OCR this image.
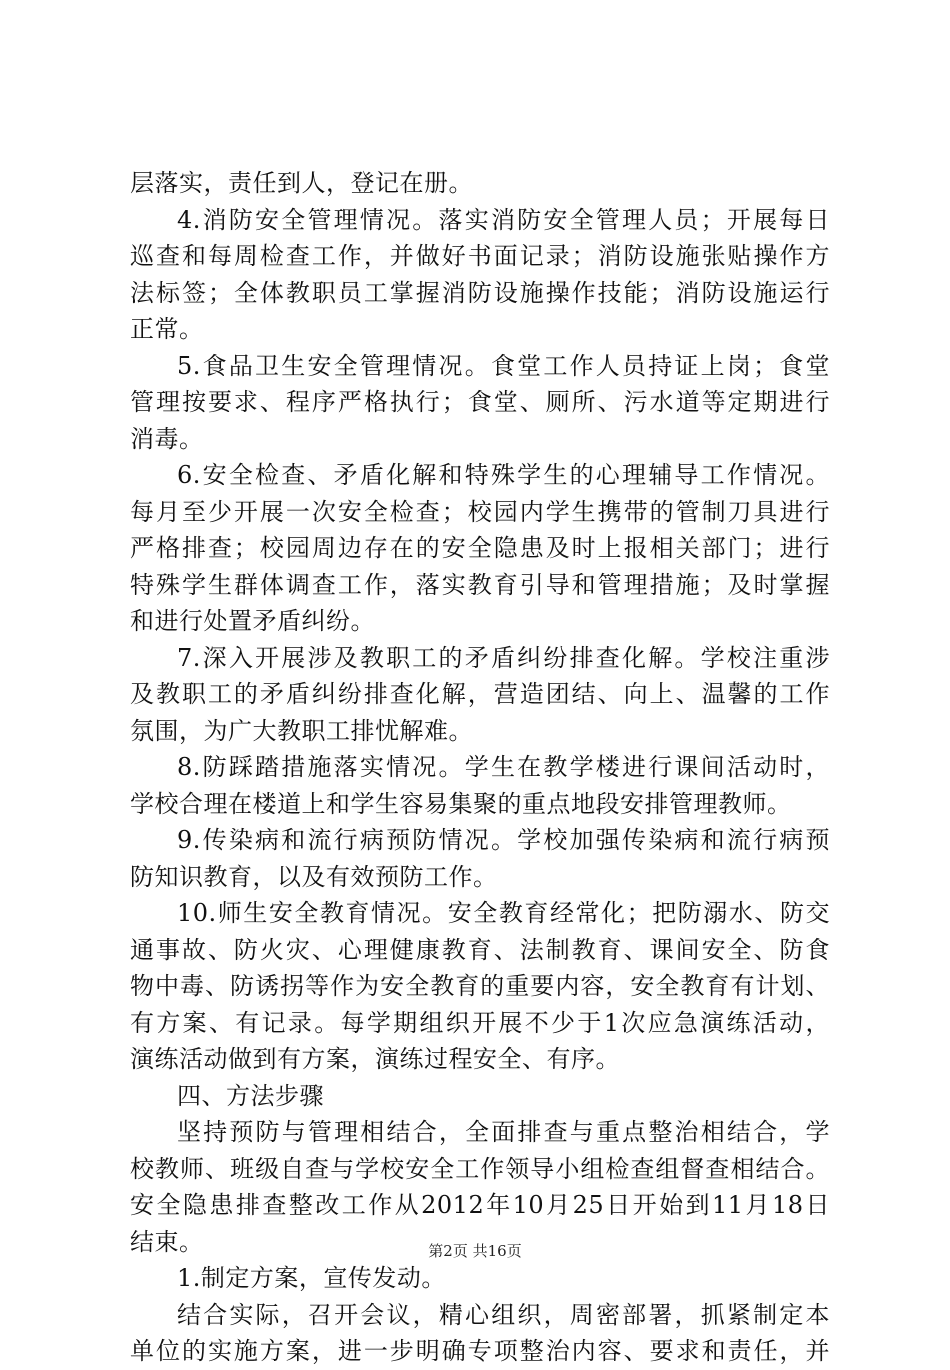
层落实，责任到人，登记在册。
4.消防安全管理情况。落实消防安全管理人员；开展每日
巡查和每周检查工作，并做好书面记录；消防设施张贴操作方
法标签；全体教职员工掌握消防设施操作技能；消防设施运行
正常。
5.食品卫生安全管理情况。食堂工作人员持证上岗；食堂
管理按要求、程序严格执行；食堂、厕所、污水道等定期进行
消毒。
6.安全检查、矛盾化解和特殊学生的心理辅导工作情况。
每月至少开展一次安全检查；校园内学生携带的管制刀具进行
严格排查；校园周边存在的安全隐患及时上报相关部门；进行
特殊学生群体调查工作，落实教育引导和管理措施；及时掌握
和进行处置矛盾纠纷。
7.深入开展涉及教职工的矛盾纠纷排查化解。学校注重涉
及教职工的矛盾纠纷排查化解，营造团结、向上、温馨的工作
氛围，为广大教职工排忧解难。
8.防踩踏措施落实情况。学生在教学楼进行课间活动时，
学校合理在楼道上和学生容易集聚的重点地段安排管理教师。
9.传染病和流行病预防情况。学校加强传染病和流行病预
防知识教育，以及有效预防工作。
10.师生安全教育情况。安全教育经常化；把防溺水、防交
通事故、防火灾、心理健康教育、法制教育、课间安全、防食
物中毒、防诱拐等作为安全教育的重要内容，安全教育有计划、
有方案、有记录。每学期组织开展不少于1次应急演练活动，
演练活动做到有方案，演练过程安全、有序。
四、方法步骤
坚持预防与管理相结合，全面排查与重点整治相结合，学
校教师、班级自查与学校安全工作领导小组检查组督查相结合。
安全隐患排查整改工作从2012年10月25日开始到11月18日
结束。
1.制定方案，宣传发动。
结合实际，召开会议，精心组织，周密部署，抓紧制定本
单位的实施方案，进一步明确专项整治内容、要求和责任，并
第2页 共16页
